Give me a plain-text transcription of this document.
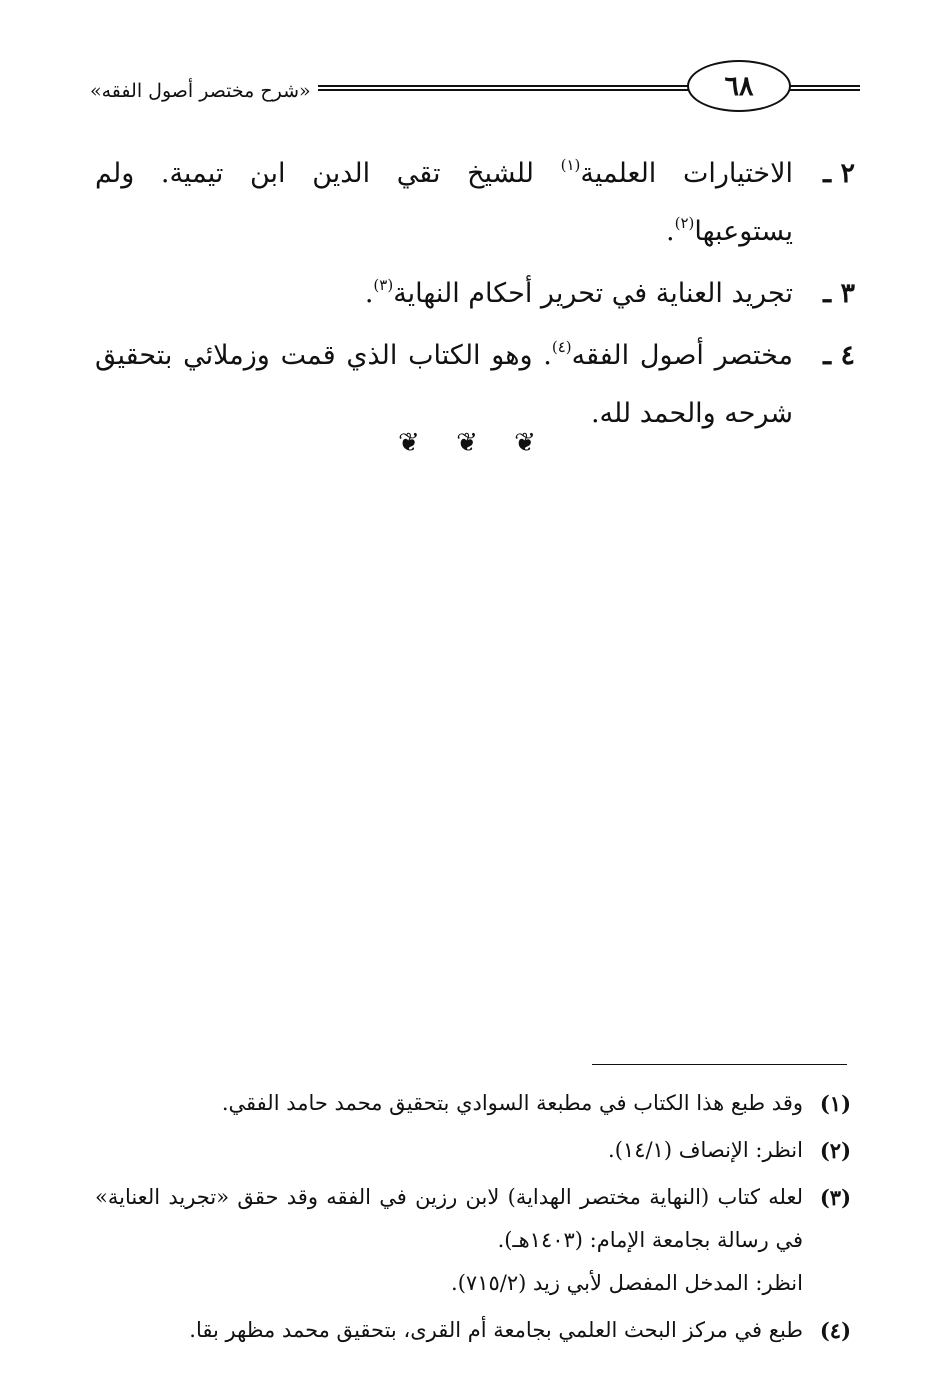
«شرح مختصر أصول الفقه»	٦٨
٢ ـ
الاختيارات العلمية$^{(١)}$ للشيخ تقي الدين ابن تيمية. ولم يستوعبها$^{(٢)}$.
٣ ـ
تجريد العناية في تحرير أحكام النهاية$^{(٣)}$.
٤ ـ
مختصر أصول الفقه$^{(٤)}$. وهو الكتاب الذي قمت وزملائي بتحقيق شرحه والحمد لله.
❦ ❦ ❦
(١)
وقد طبع هذا الكتاب في مطبعة السوادي بتحقيق محمد حامد الفقي.
(٢)
انظر: الإنصاف (١٤/١).
(٣)
لعله كتاب (النهاية مختصر الهداية) لابن رزين في الفقه وقد حقق «تجريد العناية» في رسالة بجامعة الإمام: (١٤٠٣هـ).
انظر: المدخل المفصل لأبي زيد (٧١٥/٢).
(٤)
طبع في مركز البحث العلمي بجامعة أم القرى، بتحقيق محمد مظهر بقا.
